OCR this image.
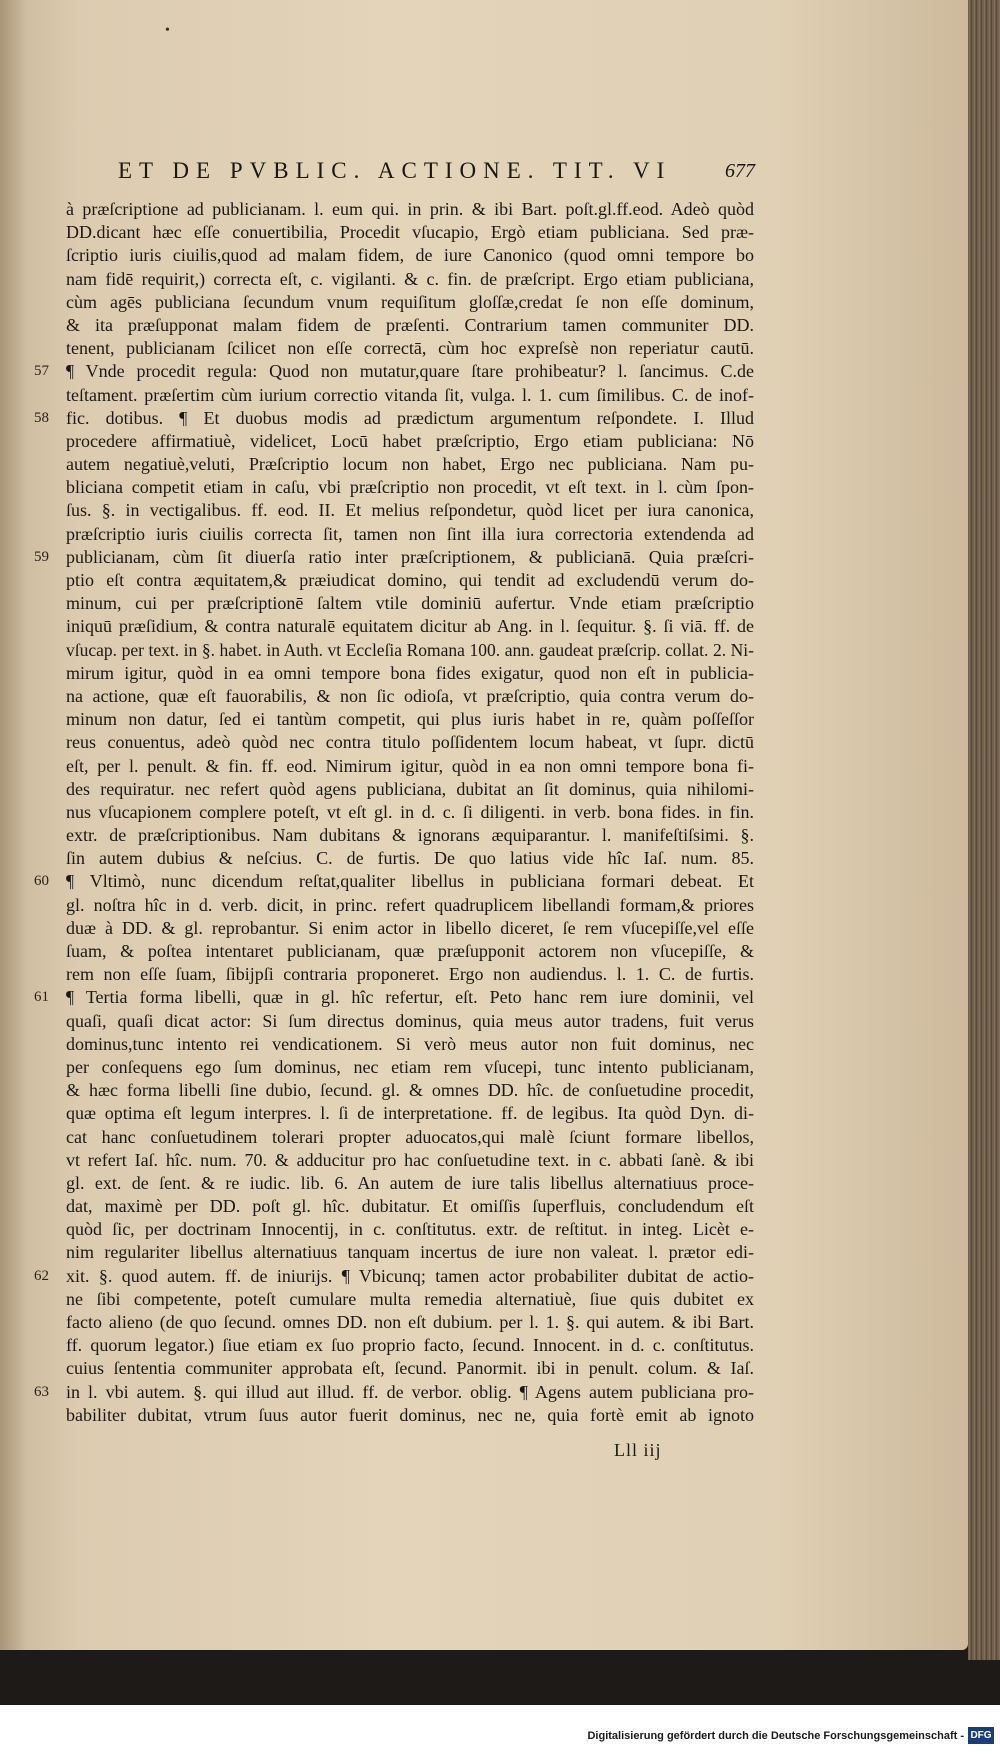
•
ET DE PVBLIC. ACTIONE. TIT. VI	677
à præſcriptione ad publicianam. l. eum qui. in prin. & ibi Bart. poſt.gl.ff.eod. Adeò quòd
DD.dicant hæc eſſe conuertibilia, Procedit vſucapio, Ergò etiam publiciana. Sed præ-
ſcriptio iuris ciuilis,quod ad malam fidem, de iure Canonico (quod omni tempore bo
nam fidē requirit,) correcta eſt, c. vigilanti. & c. fin. de præſcript. Ergo etiam publiciana,
cùm agēs publiciana ſecundum vnum requiſitum gloſſæ,credat ſe non eſſe dominum,
& ita præſupponat malam fidem de præſenti. Contrarium tamen communiter DD.
tenent, publicianam ſcilicet non eſſe correctā, cùm hoc expreſsè non reperiatur cautū.
57 ¶ Vnde procedit regula: Quod non mutatur,quare ſtare prohibeatur? l. ſancimus. C.de
teſtament. præſertim cùm iurium correctio vitanda ſit, vulga. l. 1. cum ſimilibus. C. de inof-
58 fic. dotibus. ¶ Et duobus modis ad prædictum argumentum reſpondete. I. Illud
procedere affirmatiuè, videlicet, Locū habet præſcriptio, Ergo etiam publiciana: Nō
autem negatiuè,veluti, Præſcriptio locum non habet, Ergo nec publiciana. Nam pu-
bliciana competit etiam in caſu, vbi præſcriptio non procedit, vt eſt text. in l. cùm ſpon-
ſus. §. in vectigalibus. ff. eod. II. Et melius reſpondetur, quòd licet per iura canonica,
præſcriptio iuris ciuilis correcta ſit, tamen non ſint illa iura correctoria extendenda ad
59 publicianam, cùm ſit diuerſa ratio inter præſcriptionem, & publicianā. Quia præſcri-
ptio eſt contra æquitatem,& præiudicat domino, qui tendit ad excludendū verum do-
minum, cui per præſcriptionē ſaltem vtile dominiū aufertur. Vnde etiam præſcriptio
iniquū præſidium, & contra naturalē equitatem dicitur ab Ang. in l. ſequitur. §. ſi viā. ff. de
vſucap. per text. in §. habet. in Auth. vt Eccleſia Romana 100. ann. gaudeat præſcrip. collat. 2. Ni-
mirum igitur, quòd in ea omni tempore bona fides exigatur, quod non eſt in publicia-
na actione, quæ eſt fauorabilis, & non ſic odioſa, vt præſcriptio, quia contra verum do-
minum non datur, ſed ei tantùm competit, qui plus iuris habet in re, quàm poſſeſſor
reus conuentus, adeò quòd nec contra titulo poſſidentem locum habeat, vt ſupr. dictū
eſt, per l. penult. & fin. ff. eod. Nimirum igitur, quòd in ea non omni tempore bona fi-
des requiratur. nec refert quòd agens publiciana, dubitat an ſit dominus, quia nihilomi-
nus vſucapionem complere poteſt, vt eſt gl. in d. c. ſi diligenti. in verb. bona fides. in fin.
extr. de præſcriptionibus. Nam dubitans & ignorans æquiparantur. l. manifeſtiſsimi. §.
ſin autem dubius & neſcius. C. de furtis. De quo latius vide hîc Iaſ. num. 85.
60 ¶ Vltimò, nunc dicendum reſtat,qualiter libellus in publiciana formari debeat. Et
gl. noſtra hîc in d. verb. dicit, in princ. refert quadruplicem libellandi formam,& priores
duæ à DD. & gl. reprobantur. Si enim actor in libello diceret, ſe rem vſucepiſſe,vel eſſe
ſuam, & poſtea intentaret publicianam, quæ præſupponit actorem non vſucepiſſe, &
rem non eſſe ſuam, ſibijpſi contraria proponeret. Ergo non audiendus. l. 1. C. de furtis.
61 ¶ Tertia forma libelli, quæ in gl. hîc refertur, eſt. Peto hanc rem iure dominii, vel
quaſi, quaſi dicat actor: Si ſum directus dominus, quia meus autor tradens, fuit verus
dominus,tunc intento rei vendicationem. Si verò meus autor non fuit dominus, nec
per conſequens ego ſum dominus, nec etiam rem vſucepi, tunc intento publicianam,
& hæc forma libelli ſine dubio, ſecund. gl. & omnes DD. hîc. de conſuetudine procedit,
quæ optima eſt legum interpres. l. ſi de interpretatione. ff. de legibus. Ita quòd Dyn. di-
cat hanc conſuetudinem tolerari propter aduocatos,qui malè ſciunt formare libellos,
vt refert Iaſ. hîc. num. 70. & adducitur pro hac conſuetudine text. in c. abbati ſanè. & ibi
gl. ext. de ſent. & re iudic. lib. 6. An autem de iure talis libellus alternatiuus proce-
dat, maximè per DD. poſt gl. hîc. dubitatur. Et omiſſis ſuperfluis, concludendum eſt
quòd ſic, per doctrinam Innocentij, in c. conſtitutus. extr. de reſtitut. in integ. Licèt e-
nim regulariter libellus alternatiuus tanquam incertus de iure non valeat. l. prætor edi-
62 xit. §. quod autem. ff. de iniurijs. ¶ Vbicunq; tamen actor probabiliter dubitat de actio-
ne ſibi competente, poteſt cumulare multa remedia alternatiuè, ſiue quis dubitet ex
facto alieno (de quo ſecund. omnes DD. non eſt dubium. per l. 1. §. qui autem. & ibi Bart.
ff. quorum legator.) ſiue etiam ex ſuo proprio facto, ſecund. Innocent. in d. c. conſtitutus.
cuius ſententia communiter approbata eſt, ſecund. Panormit. ibi in penult. colum. & Iaſ.
63 in l. vbi autem. §. qui illud aut illud. ff. de verbor. oblig. ¶ Agens autem publiciana pro-
babiliter dubitat, vtrum ſuus autor fuerit dominus, nec ne, quia fortè emit ab ignoto
Lll iij
Digitalisierung gefördert durch die Deutsche Forschungsgemeinschaft - DFG
